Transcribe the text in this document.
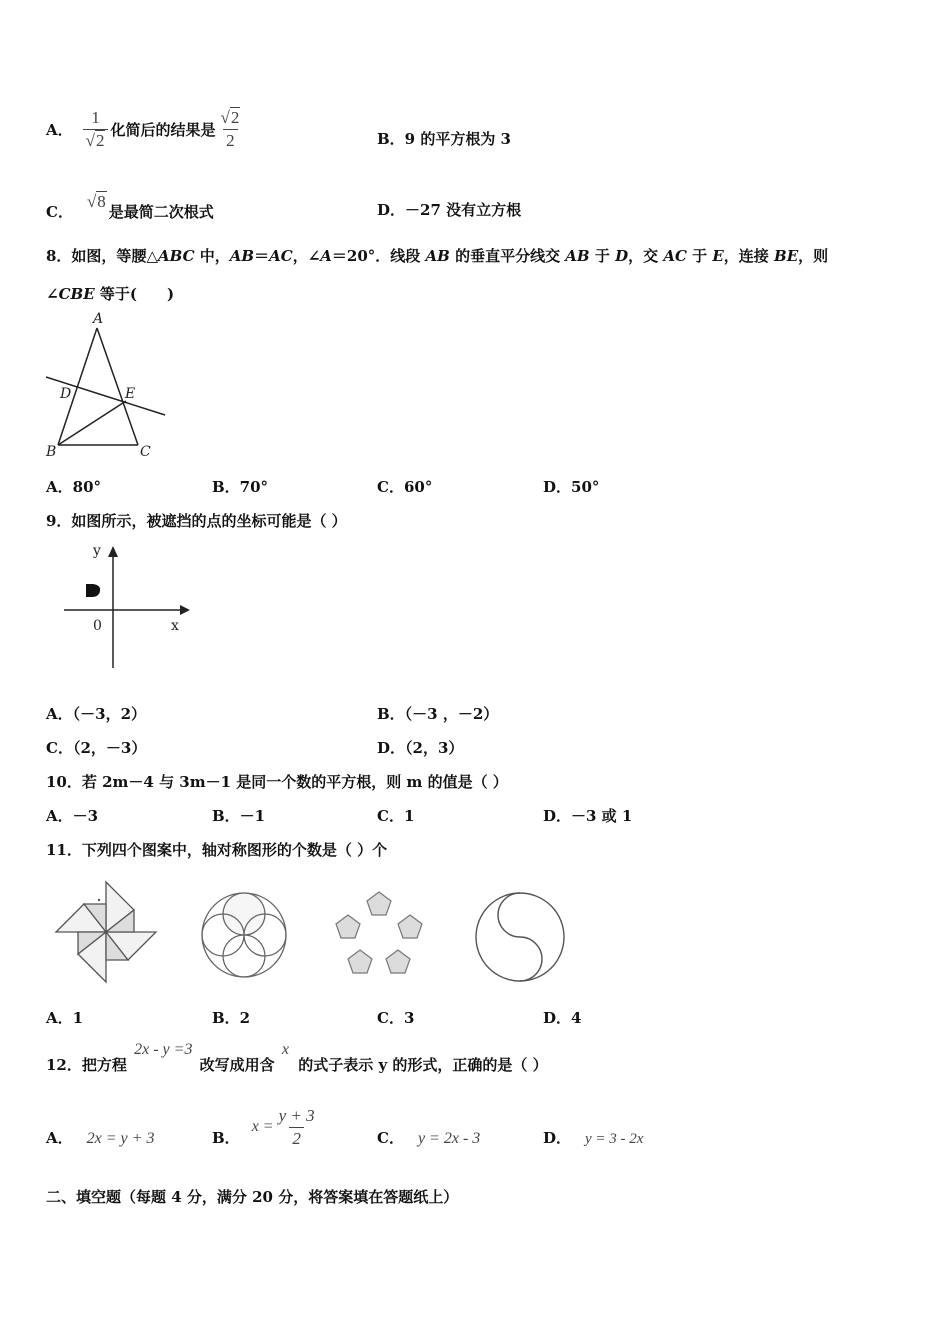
A． $\frac{1}{√2}$ 化简后的结果是 $\frac{√2}{2}$	B．9 的平方根为 3
C．
√8
是最简二次根式	D．－27 没有立方根
8．如图，等腰△ABC 中，AB＝AC，∠A＝20°．线段 AB 的垂直平分线交 AB 于 D，交 AC 于 E，连接 BE，则
∠CBE 等于(　　)
A
D	E
B	C
A．80°	B．70°	C．60°	D．50°
9．如图所示，被遮挡的点的坐标可能是（ ）
y
x
0
A．（－3，2）	B．（－3 ，－2）
C．（2，－3）	D．（2，3）
10．若 2m－4 与 3m－1 是同一个数的平方根，则 m 的值是（ ）
A．－3	B．－1	C．1	D．－3 或 1
11．下列四个图案中，轴对称图形的个数是（ ）个
A．1	B．2	C．3	D．4
12．把方程 2x - y =3 改写成用含 x 的式子表示 y 的形式，正确的是（ ）
A． 2x = y + 3	B．
$x = \frac{y + 3}{2}$	C． y = 2x - 3	D． y = 3 - 2x
二、填空题（每题 4 分，满分 20 分，将答案填在答题纸上）
